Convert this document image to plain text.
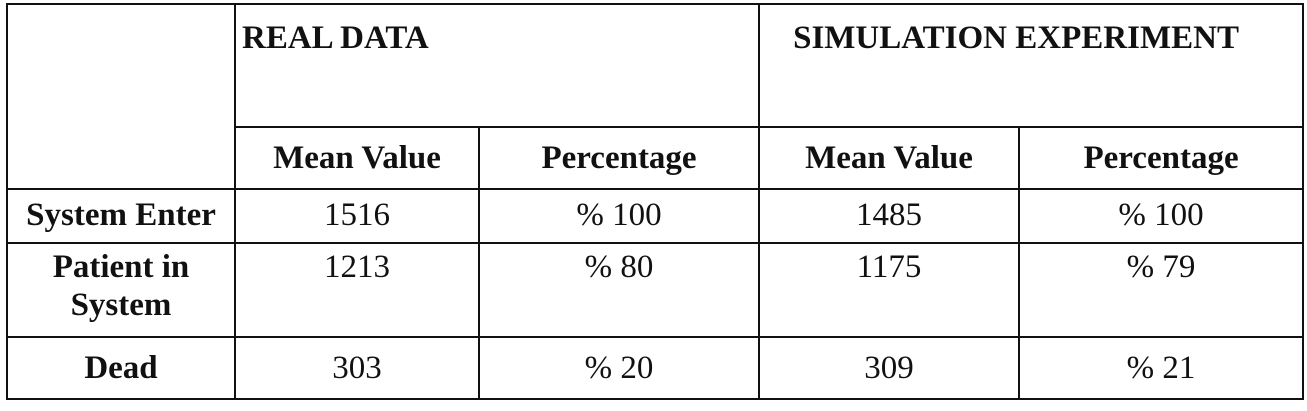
	REAL DATA		SIMULATION EXPERIMENT	
	Mean Value	Percentage	Mean Value	Percentage
System Enter	1516	% 100	1485	% 100
Patient in System	1213	% 80	1175	% 79
Dead	303	% 20	309	% 21
